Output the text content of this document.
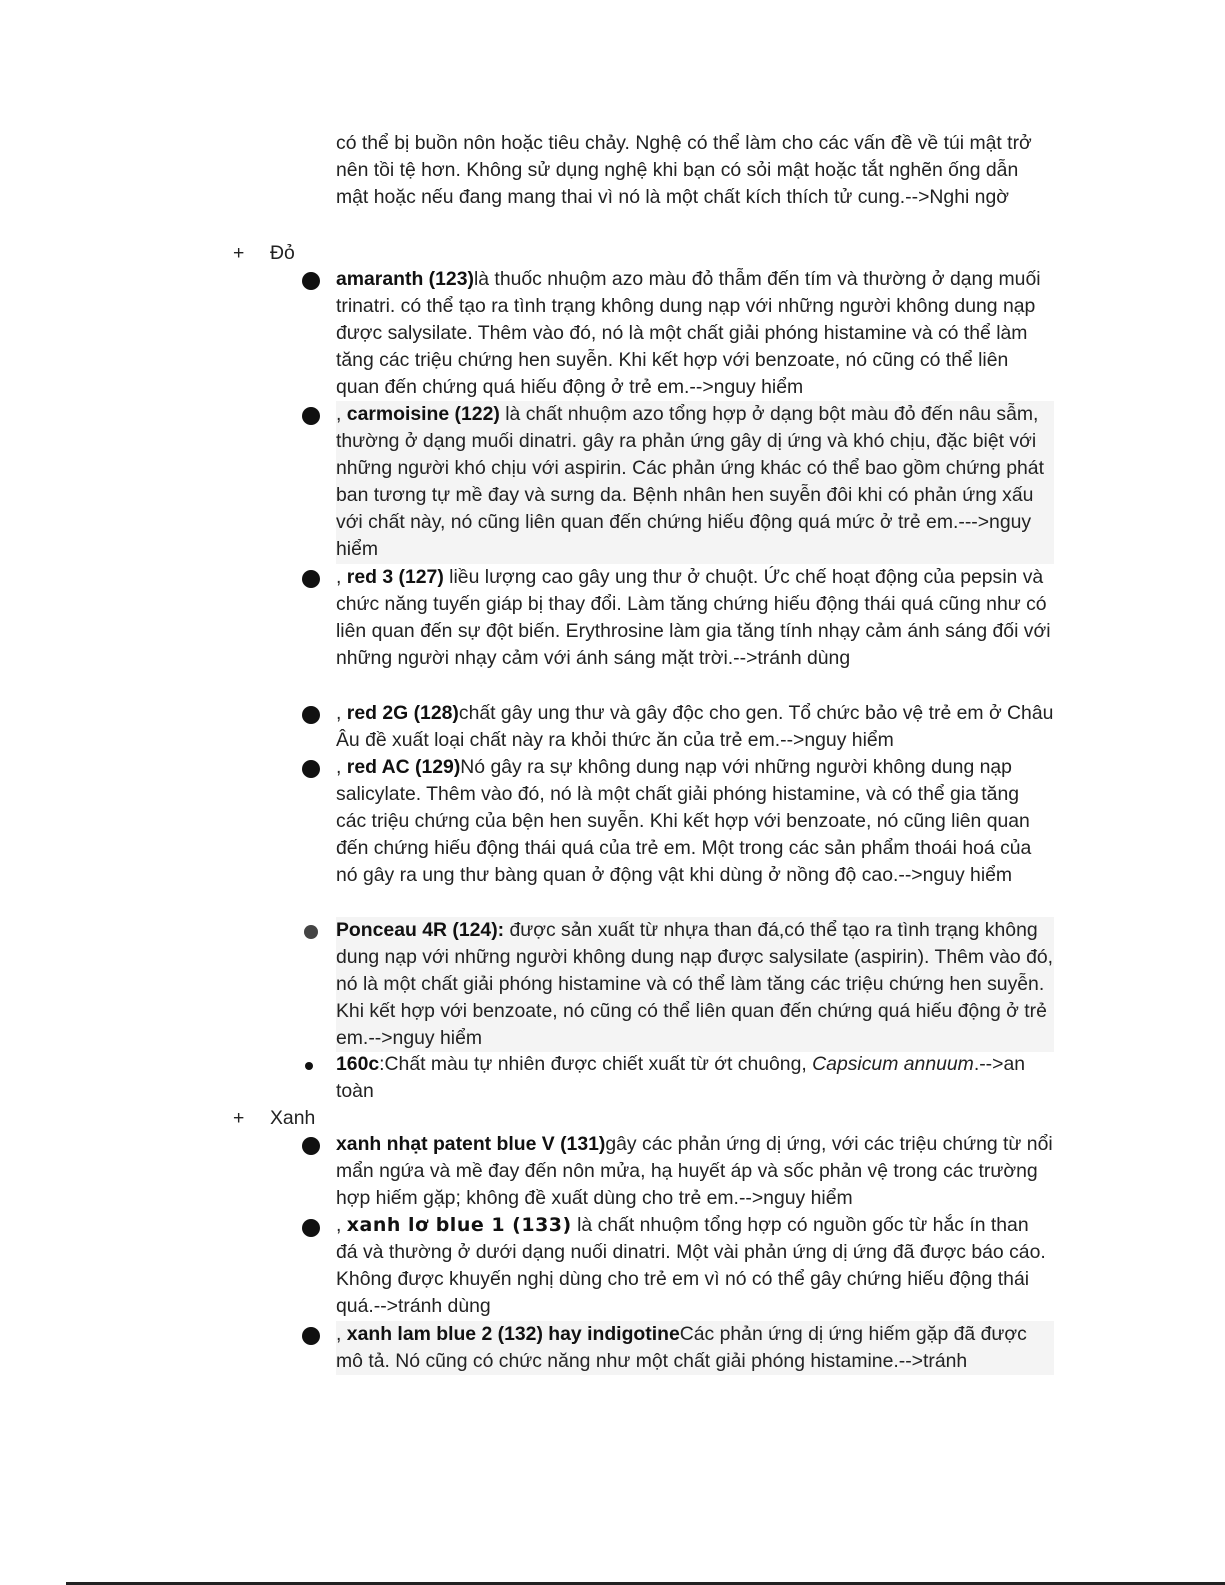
có thể bị buồn nôn hoặc tiêu chảy. Nghệ có thể làm cho các vấn đề về túi mật trở nên tồi tệ hơn. Không sử dụng nghệ khi bạn có sỏi mật hoặc tắt nghẽn ống dẫn mật hoặc nếu đang mang thai vì nó là một chất kích thích tử cung.-->Nghi ngờ

+ Đỏ

amaranth (123)là thuốc nhuộm azo màu đỏ thẫm đến tím và thường ở dạng muối trinatri. có thể tạo ra tình trạng không dung nạp với những người không dung nạp được salysilate. Thêm vào đó, nó là một chất giải phóng histamine và có thể làm tăng các triệu chứng hen suyễn. Khi kết hợp với benzoate, nó cũng có thể liên quan đến chứng quá hiếu động ở trẻ em.-->nguy hiểm

, carmoisine (122) là chất nhuộm azo tổng hợp ở dạng bột màu đỏ đến nâu sẫm, thường ở dạng muối dinatri. gây ra phản ứng gây dị ứng và khó chịu, đặc biệt với những người khó chịu với aspirin. Các phản ứng khác có thể bao gồm chứng phát ban tương tự mề đay và sưng da. Bệnh nhân hen suyễn đôi khi có phản ứng xấu với chất này, nó cũng liên quan đến chứng hiếu động quá mức ở trẻ em.--->nguy hiểm

, red 3 (127) liều lượng cao gây ung thư ở chuột. Ức chế hoạt động của pepsin và chức năng tuyến giáp bị thay đổi. Làm tăng chứng hiếu động thái quá cũng như có liên quan đến sự đột biến. Erythrosine làm gia tăng tính nhạy cảm ánh sáng đối với những người nhạy cảm với ánh sáng mặt trời.-->tránh dùng

, red 2G (128)chất gây ung thư và gây độc cho gen. Tổ chức bảo vệ trẻ em ở Châu Âu đề xuất loại chất này ra khỏi thức ăn của trẻ em.-->nguy hiểm

, red AC (129)Nó gây ra sự không dung nạp với những người không dung nạp salicylate. Thêm vào đó, nó là một chất giải phóng histamine, và có thể gia tăng các triệu chứng của bện hen suyễn. Khi kết hợp với benzoate, nó cũng liên quan đến chứng hiếu động thái quá của trẻ em. Một trong các sản phẩm thoái hoá của nó gây ra ung thư bàng quan ở động vật khi dùng ở nồng độ cao.-->nguy hiểm

Ponceau 4R (124): được sản xuất từ nhựa than đá,có thể tạo ra tình trạng không dung nạp với những người không dung nạp được salysilate (aspirin). Thêm vào đó, nó là một chất giải phóng histamine và có thể làm tăng các triệu chứng hen suyễn. Khi kết hợp với benzoate, nó cũng có thể liên quan đến chứng quá hiếu động ở trẻ em.-->nguy hiểm

160c:Chất màu tự nhiên được chiết xuất từ ớt chuông, Capsicum annuum.-->an toàn

+ Xanh

xanh nhạt patent blue V (131)gây các phản ứng dị ứng, với các triệu chứng từ nổi mẩn ngứa và mề đay đến nôn mửa, hạ huyết áp và sốc phản vệ trong các trường hợp hiếm gặp; không đề xuất dùng cho trẻ em.-->nguy hiểm

, xanh lơ blue 1 (133) là chất nhuộm tổng hợp có nguồn gốc từ hắc ín than đá và thường ở dưới dạng nuối dinatri. Một vài phản ứng dị ứng đã được báo cáo. Không được khuyến nghị dùng cho trẻ em vì nó có thể gây chứng hiếu động thái quá.-->tránh dùng

, xanh lam blue 2 (132) hay indigotineCác phản ứng dị ứng hiếm gặp đã được mô tả. Nó cũng có chức năng như một chất giải phóng histamine.-->tránh
